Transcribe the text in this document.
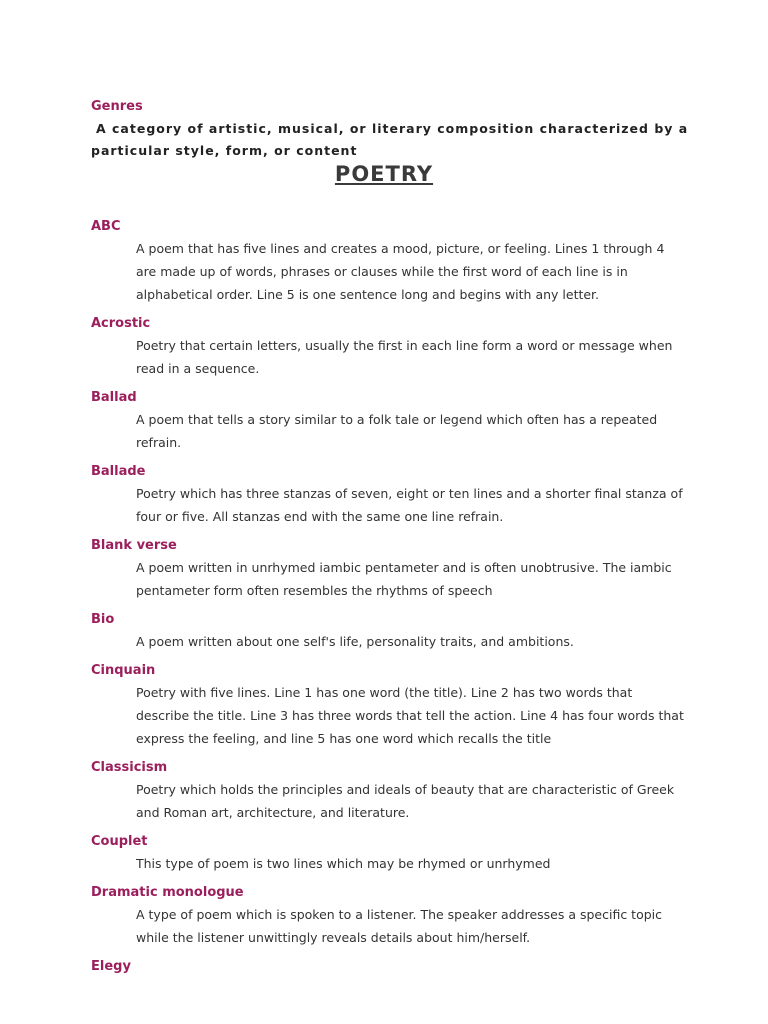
Genres
A category of artistic, musical, or literary composition characterized by a particular style, form, or content
POETRY
ABC
A poem that has five lines and creates a mood, picture, or feeling. Lines 1 through 4 are made up of words, phrases or clauses while the first word of each line is in alphabetical order. Line 5 is one sentence long and begins with any letter.
Acrostic
Poetry that certain letters, usually the first in each line form a word or message when read in a sequence.
Ballad
A poem that tells a story similar to a folk tale or legend which often has a repeated refrain.
Ballade
Poetry which has three stanzas of seven, eight or ten lines and a shorter final stanza of four or five. All stanzas end with the same one line refrain.
Blank verse
A poem written in unrhymed iambic pentameter and is often unobtrusive. The iambic pentameter form often resembles the rhythms of speech
Bio
A poem written about one self's life, personality traits, and ambitions.
Cinquain
Poetry with five lines. Line 1 has one word (the title). Line 2 has two words that describe the title. Line 3 has three words that tell the action. Line 4 has four words that express the feeling, and line 5 has one word which recalls the title
Classicism
Poetry which holds the principles and ideals of beauty that are characteristic of Greek and Roman art, architecture, and literature.
Couplet
This type of poem is two lines which may be rhymed or unrhymed
Dramatic monologue
A type of poem which is spoken to a listener. The speaker addresses a specific topic while the listener unwittingly reveals details about him/herself.
Elegy
